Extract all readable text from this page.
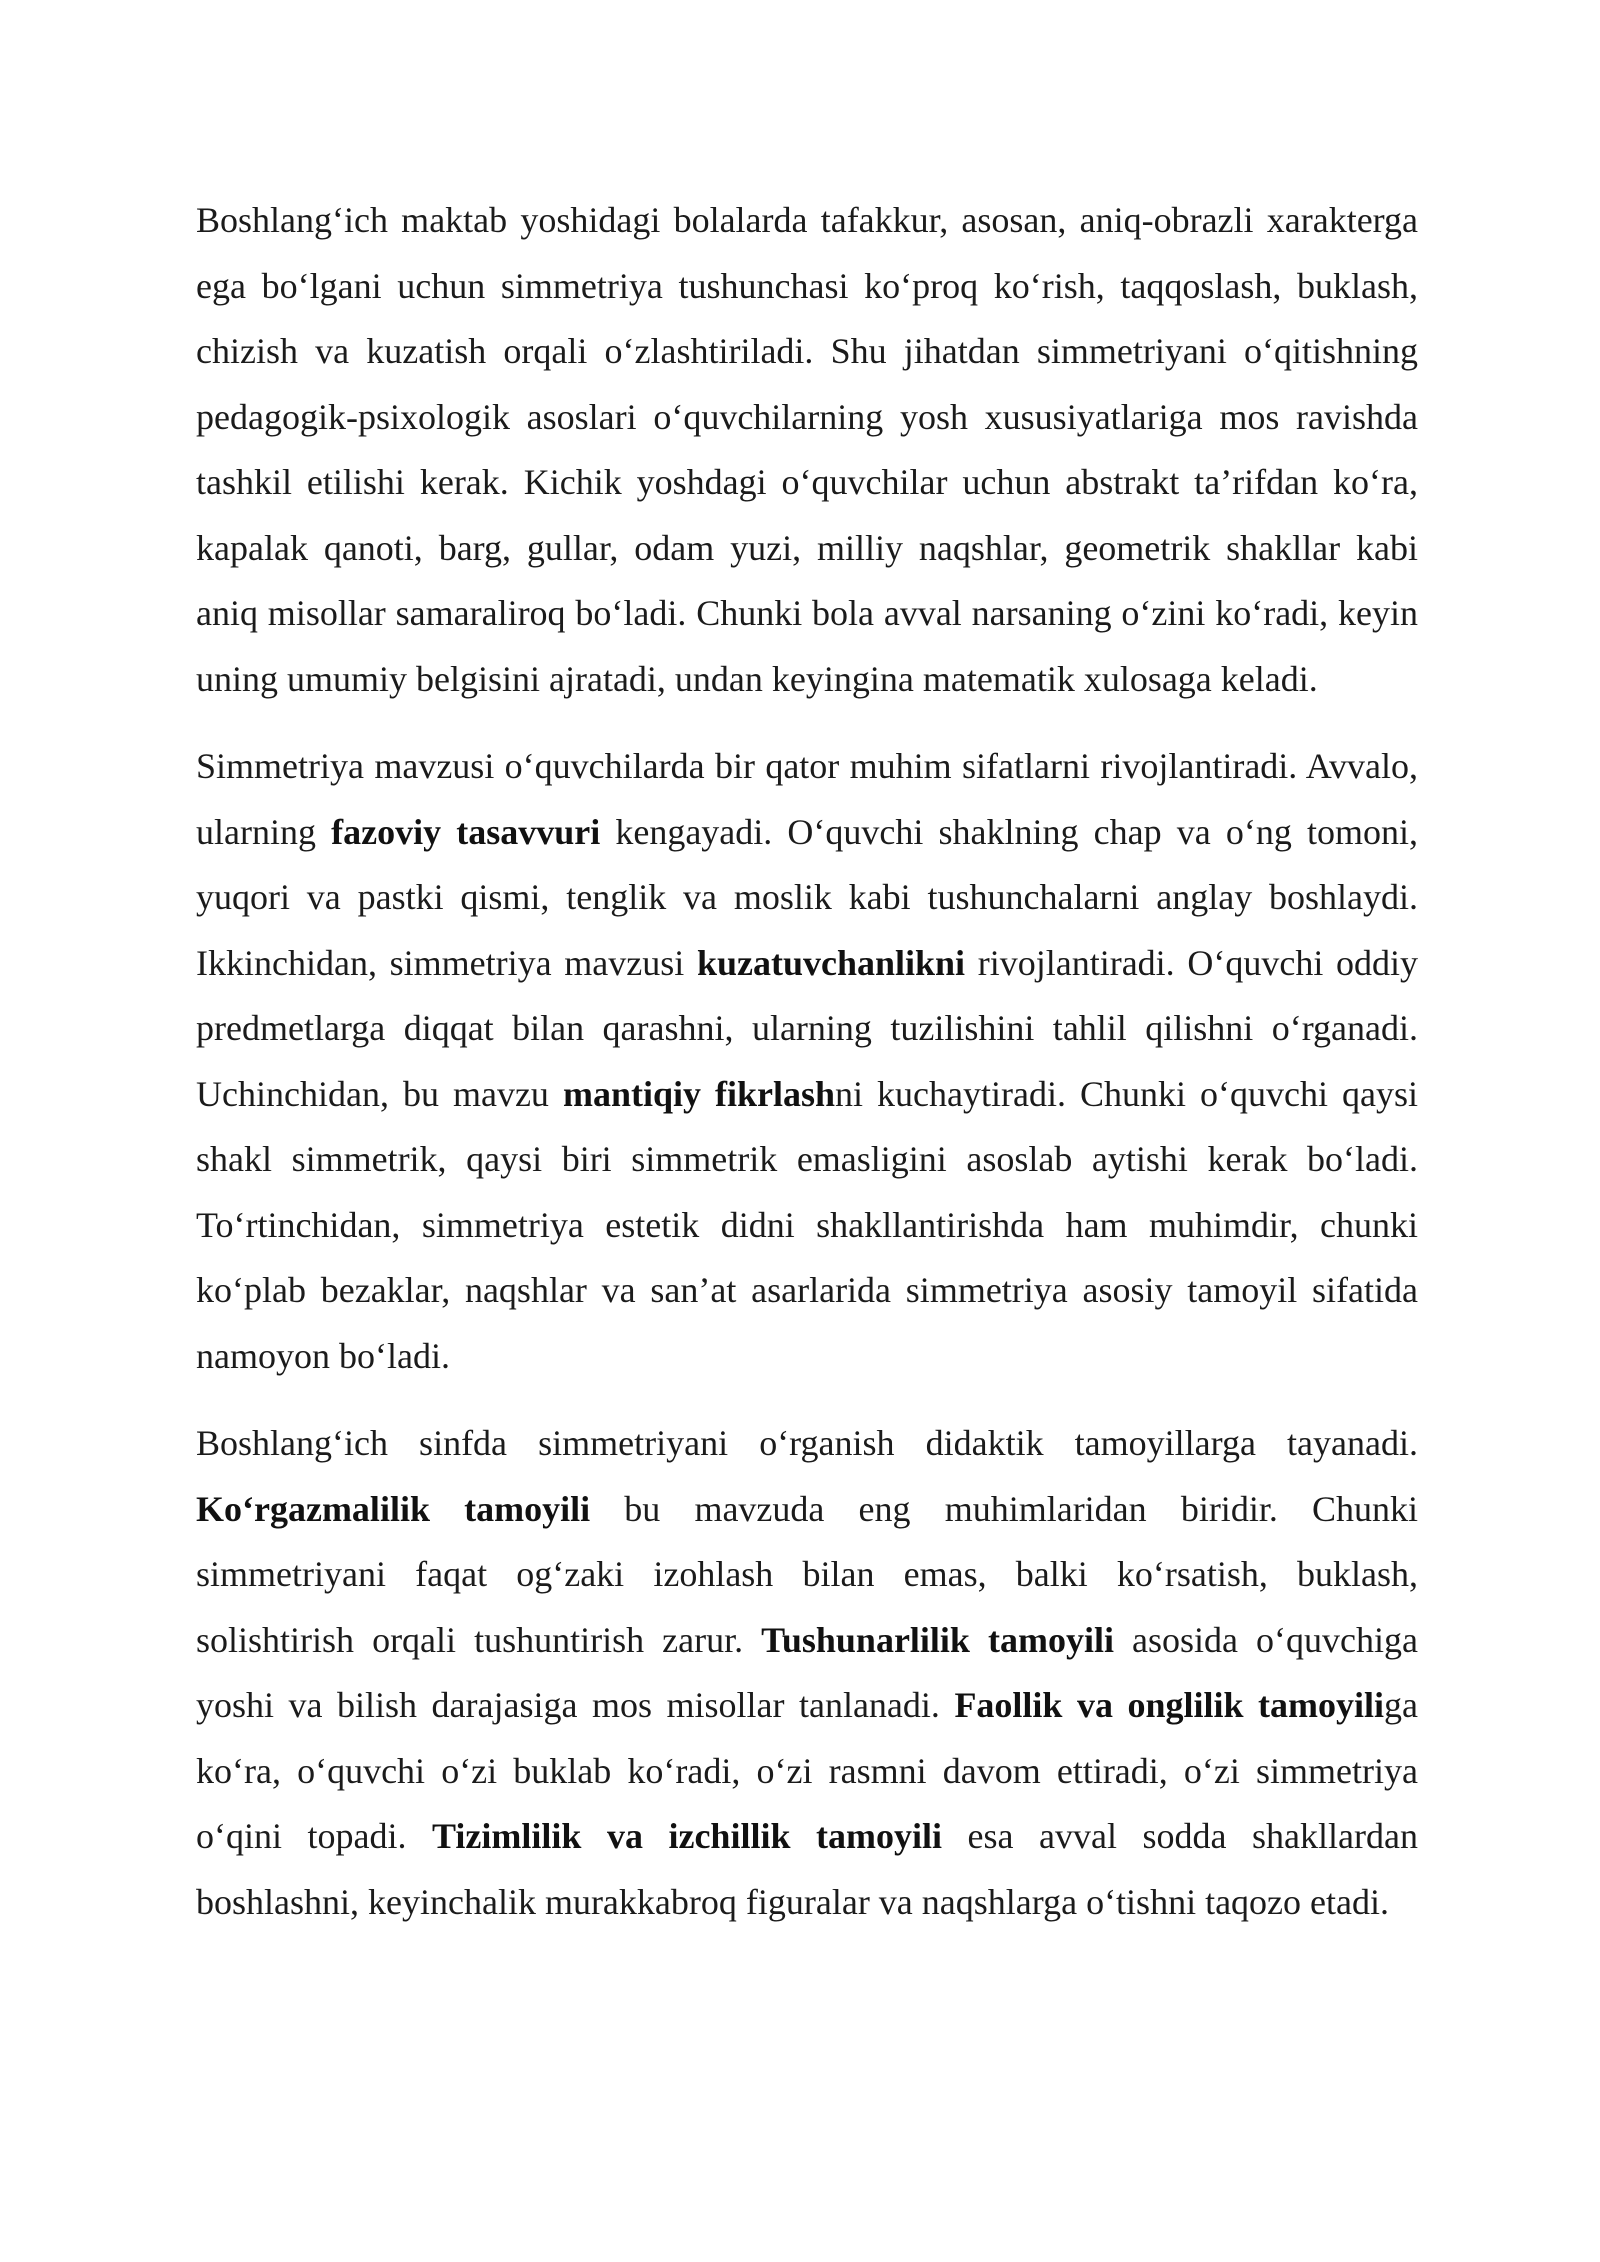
Boshlang‘ich maktab yoshidagi bolalarda tafakkur, asosan, aniq-obrazli xarakterga ega bo‘lgani uchun simmetriya tushunchasi ko‘proq ko‘rish, taqqoslash, buklash, chizish va kuzatish orqali o‘zlashtiriladi. Shu jihatdan simmetriyani o‘qitishning pedagogik-psixologik asoslari o‘quvchilarning yosh xususiyatlariga mos ravishda tashkil etilishi kerak. Kichik yoshdagi o‘quvchilar uchun abstrakt ta’rifdan ko‘ra, kapalak qanoti, barg, gullar, odam yuzi, milliy naqshlar, geometrik shakllar kabi aniq misollar samaraliroq bo‘ladi. Chunki bola avval narsaning o‘zini ko‘radi, keyin uning umumiy belgisini ajratadi, undan keyingina matematik xulosaga keladi.

Simmetriya mavzusi o‘quvchilarda bir qator muhim sifatlarni rivojlantiradi. Avvalo, ularning fazoviy tasavvuri kengayadi. O‘quvchi shaklning chap va o‘ng tomoni, yuqori va pastki qismi, tenglik va moslik kabi tushunchalarni anglay boshlaydi. Ikkinchidan, simmetriya mavzusi kuzatuvchanlikni rivojlantiradi. O‘quvchi oddiy predmetlarga diqqat bilan qarashni, ularning tuzilishini tahlil qilishni o‘rganadi. Uchinchidan, bu mavzu mantiqiy fikrlashni kuchaytiradi. Chunki o‘quvchi qaysi shakl simmetrik, qaysi biri simmetrik emasligini asoslab aytishi kerak bo‘ladi. To‘rtinchidan, simmetriya estetik didni shakllantirishda ham muhimdir, chunki ko‘plab bezaklar, naqshlar va san’at asarlarida simmetriya asosiy tamoyil sifatida namoyon bo‘ladi.

Boshlang‘ich sinfda simmetriyani o‘rganish didaktik tamoyillarga tayanadi. Ko‘rgazmalilik tamoyili bu mavzuda eng muhimlaridan biridir. Chunki simmetriyani faqat og‘zaki izohlash bilan emas, balki ko‘rsatish, buklash, solishtirish orqali tushuntirish zarur. Tushunarlilik tamoyili asosida o‘quvchiga yoshi va bilish darajasiga mos misollar tanlanadi. Faollik va onglilik tamoyiliga ko‘ra, o‘quvchi o‘zi buklab ko‘radi, o‘zi rasmni davom ettiradi, o‘zi simmetriya o‘qini topadi. Tizimlilik va izchillik tamoyili esa avval sodda shakllardan boshlashni, keyinchalik murakkabroq figuralar va naqshlarga o‘tishni taqozo etadi.
